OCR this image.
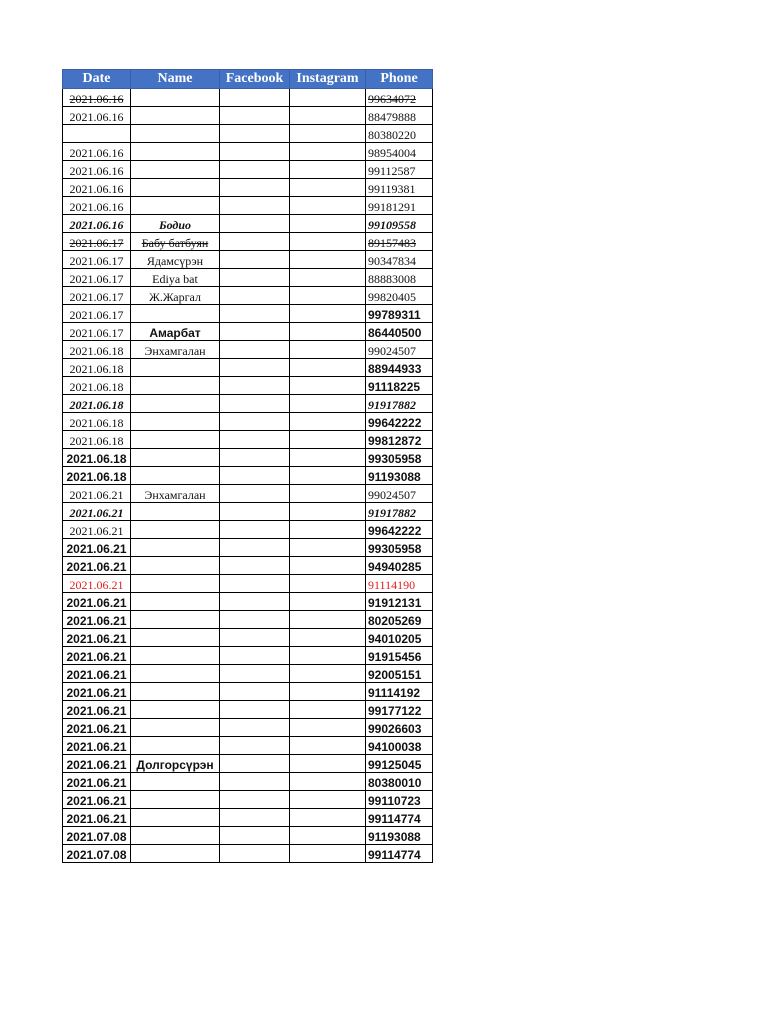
Date	Name	Facebook	Instagram	Phone
2021.06.16				99634072
2021.06.16				88479888
				80380220
2021.06.16				98954004
2021.06.16				99112587
2021.06.16				99119381
2021.06.16				99181291
2021.06.16	Бодио			99109558
2021.06.17	Бабу батбуян			89157483
2021.06.17	Ядамсүрэн			90347834
2021.06.17	Ediya bat			88883008
2021.06.17	Ж.Жаргал			99820405
2021.06.17				99789311
2021.06.17	Амарбат			86440500
2021.06.18	Энхамгалан			99024507
2021.06.18				88944933
2021.06.18				91118225
2021.06.18				91917882
2021.06.18				99642222
2021.06.18				99812872
2021.06.18				99305958
2021.06.18				91193088
2021.06.21	Энхамгалан			99024507
2021.06.21				91917882
2021.06.21				99642222
2021.06.21				99305958
2021.06.21				94940285
2021.06.21				91114190
2021.06.21				91912131
2021.06.21				80205269
2021.06.21				94010205
2021.06.21				91915456
2021.06.21				92005151
2021.06.21				91114192
2021.06.21				99177122
2021.06.21				99026603
2021.06.21				94100038
2021.06.21	Долгорсүрэн			99125045
2021.06.21				80380010
2021.06.21				99110723
2021.06.21				99114774
2021.07.08				91193088
2021.07.08				99114774
